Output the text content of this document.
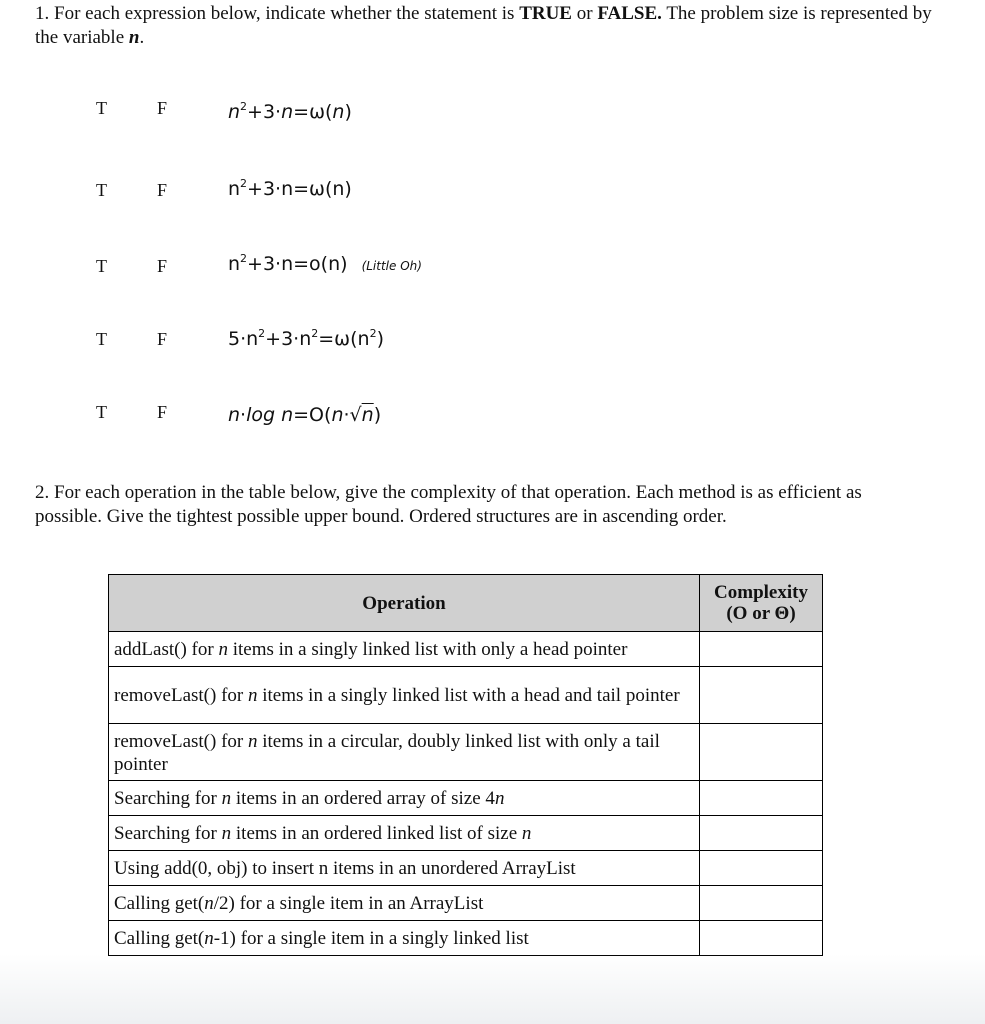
1. For each expression below, indicate whether the statement is TRUE or FALSE. The problem size is represented by the variable n.
T	F	$n^2+3\cdot n=\omega(n)$
T	F	$n^2+3\cdot n=\omega(n)$
T	F	$n^2+3\cdot n=o(n)$ (Little Oh)
T	F	$5\cdot n^2+3\cdot n^2=\omega(n^2)$
T	F	n·log n=O(n·√n)
2. For each operation in the table below, give the complexity of that operation. Each method is as efficient as possible. Give the tightest possible upper bound. Ordered structures are in ascending order.
Operation	Complexity
(O or Θ)
addLast() for n items in a singly linked list with only a head pointer	
removeLast() for n items in a singly linked list with a head and tail pointer	
removeLast() for n items in a circular, doubly linked list with only a tail pointer	
Searching for n items in an ordered array of size 4n	
Searching for n items in an ordered linked list of size n	
Using add(0, obj) to insert n items in an unordered ArrayList	
Calling get(n/2) for a single item in an ArrayList	
Calling get(n-1) for a single item in a singly linked list	
